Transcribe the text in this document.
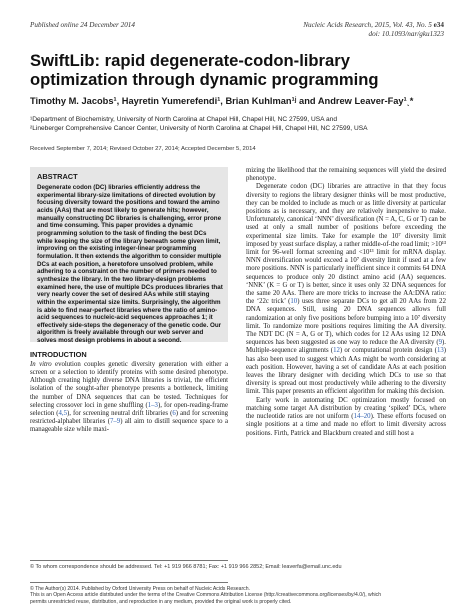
Published online 24 December 2014	Nucleic Acids Research, 2015, Vol. 43, No. 5 e34
doi: 10.1093/nar/gku1323
SwiftLib: rapid degenerate-codon-library optimization through dynamic programming
Timothy M. Jacobs¹, Hayretin Yumerefendi¹, Brian Kuhlman¹ʲ and Andrew Leaver-Fay¹ˎ*
¹Department of Biochemistry, University of North Carolina at Chapel Hill, Chapel Hill, NC 27599, USA and
²Lineberger Comprehensive Cancer Center, University of North Carolina at Chapel Hill, Chapel Hill, NC 27599, USA
Received September 7, 2014; Revised October 27, 2014; Accepted December 5, 2014
ABSTRACT
Degenerate codon (DC) libraries efficiently address the experimental library-size limitations of directed evolution by focusing diversity toward the positions and toward the amino acids (AAs) that are most likely to generate hits; however, manually constructing DC libraries is challenging, error prone and time consuming. This paper provides a dynamic programming solution to the task of finding the best DCs while keeping the size of the library beneath some given limit, improving on the existing integer-linear programming formulation. It then extends the algorithm to consider multiple DCs at each position, a heretofore unsolved problem, while adhering to a constraint on the number of primers needed to synthesize the library. In the two library-design problems examined here, the use of multiple DCs produces libraries that very nearly cover the set of desired AAs while still staying within the experimental size limits. Surprisingly, the algorithm is able to find near-perfect libraries where the ratio of amino-acid sequences to nucleic-acid sequences approaches 1; it effectively side-steps the degeneracy of the genetic code. Our algorithm is freely available through our web server and solves most design problems in about a second.
INTRODUCTION

In vitro evolution couples genetic diversity generation with either a screen or a selection to identify proteins with some desired phenotype. Although creating highly diverse DNA libraries is trivial, the efficient isolation of the sought-after phenotype presents a bottleneck, limiting the number of DNA sequences that can be tested. Techniques for selecting crossover loci in gene shuffling (1–3), for open-reading-frame selection (4,5), for screening neutral drift libraries (6) and for screening restricted-alphabet libraries (7–9) all aim to distill sequence space to a manageable size while maxi-

mizing the likelihood that the remaining sequences will yield the desired phenotype.

Degenerate codon (DC) libraries are attractive in that they focus diversity to regions the library designer thinks will be most productive, they can be molded to include as much or as little diversity at particular positions as is necessary, and they are relatively inexpensive to make. Unfortunately, canonical ‘NNN’ diversification (N = A, C, G or T) can be used at only a small number of positions before exceeding the experimental size limits. Take for example the 10⁷ diversity limit imposed by yeast surface display, a rather middle-of-the road limit; >10¹³ limit for 96-well format screening and <10¹³ limit for mRNA display. NNN diversification would exceed a 10⁷ diversity limit if used at a few more positions. NNN is particularly inefficient since it commits 64 DNA sequences to produce only 20 distinct amino acid (AA) sequences. ‘NNK’ (K = G or T) is better, since it uses only 32 DNA sequences for the same 20 AAs. There are more tricks to increase the AA:DNA ratio: the ‘22c trick’ (10) uses three separate DCs to get all 20 AAs from 22 DNA sequences. Still, using 20 DNA sequences allows full randomization at only five positions before bumping into a 10⁷ diversity limit. To randomize more positions requires limiting the AA diversity. The NDT DC (N = A, G or T), which codes for 12 AAs using 12 DNA sequences has been suggested as one way to reduce the AA diversity (9). Multiple-sequence alignments (12) or computational protein design (13) has also been used to suggest which AAs might be worth considering at each position. However, having a set of candidate AAs at each position leaves the library designer with deciding which DCs to use so that diversity is spread out most productively while adhering to the diversity limit. This paper presents an efficient algorithm for making this decision.

Early work in automating DC optimization mostly focused on matching some target AA distribution by creating ‘spiked’ DCs, where the nucleotide ratios are not uniform (14–20). These efforts focused on single positions at a time and made no effort to limit diversity across positions. Firth, Patrick and Blackburn created and still host a

© To whom correspondence should be addressed. Tel: +1 919 966 8781; Fax: +1 919 966 2852; Email: leaverfa@email.unc.edu
© The Author(s) 2014. Published by Oxford University Press on behalf of Nucleic Acids Research.
This is an Open Access article distributed under the terms of the Creative Commons Attribution License (http://creativecommons.org/licenses/by/4.0/), which
permits unrestricted reuse, distribution, and reproduction in any medium, provided the original work is properly cited.
